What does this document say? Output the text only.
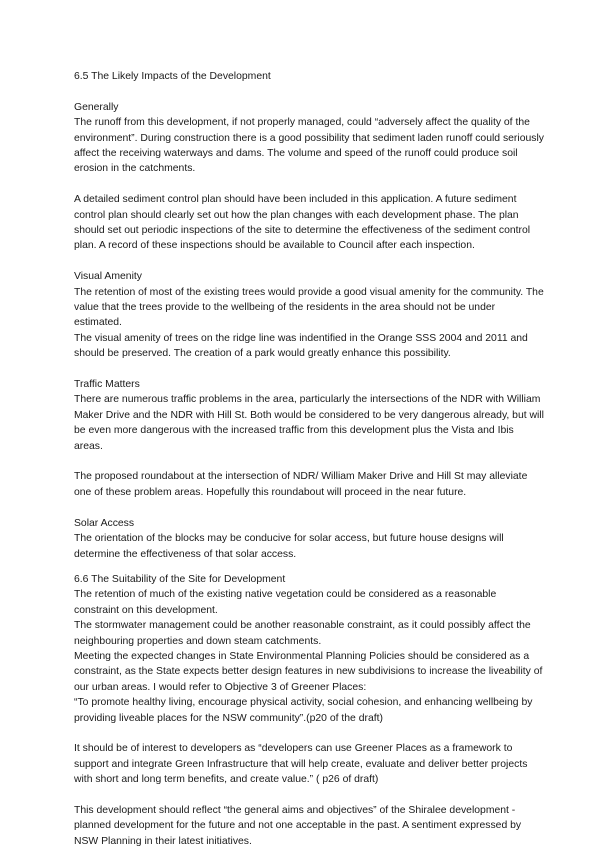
6.5 The Likely Impacts of the Development

Generally

The runoff from this development, if not properly managed, could “adversely affect the quality of the environment”. During construction there is a good possibility that sediment laden runoff could seriously affect the receiving waterways and dams. The volume and speed of the runoff could produce soil erosion in the catchments.

A detailed sediment control plan should have been included in this application. A future sediment control plan should clearly set out how the plan changes with each development phase. The plan should set out periodic inspections of the site to determine the effectiveness of the sediment control plan. A record of these inspections should be available to Council after each inspection.

Visual Amenity

The retention of most of the existing trees would provide a good visual amenity for the community. The value that the trees provide to the wellbeing of the residents in the area should not be under estimated.

The visual amenity of trees on the ridge line was indentified in the Orange SSS 2004 and 2011 and should be preserved. The creation of a park would greatly enhance this possibility.

Traffic Matters

There are numerous traffic problems in the area, particularly the intersections of the NDR with William Maker Drive and the NDR with Hill St. Both would be considered to be very dangerous already, but will be even more dangerous with the increased traffic from this development plus the Vista and Ibis areas.

The proposed roundabout at the intersection of NDR/ William Maker Drive and Hill St may alleviate one of these problem areas. Hopefully this roundabout will proceed in the near future.

Solar Access

The orientation of the blocks may be conducive for solar access, but future house designs will determine the effectiveness of that solar access.

6.6 The Suitability of the Site for Development

The retention of much of the existing native vegetation could be considered as a reasonable constraint on this development.

The stormwater management could be another reasonable constraint, as it could possibly affect the neighbouring properties and down steam catchments.

Meeting the expected changes in State Environmental Planning Policies should be considered as a constraint, as the State expects better design features in new subdivisions to increase the liveability of our urban areas. I would refer to Objective 3 of Greener Places:

“To promote healthy living, encourage physical activity, social cohesion, and enhancing wellbeing by providing liveable places for the NSW community”.(p20 of the draft)

It should be of interest to developers as “developers can use Greener Places as a framework to support and integrate Green Infrastructure that will help create, evaluate and deliver better projects with short and long term benefits, and create value.” ( p26 of draft)

This development should reflect “the general aims and objectives” of the Shiralee development - planned development for the future and not one acceptable in the past. A sentiment expressed by NSW Planning in their latest initiatives.
